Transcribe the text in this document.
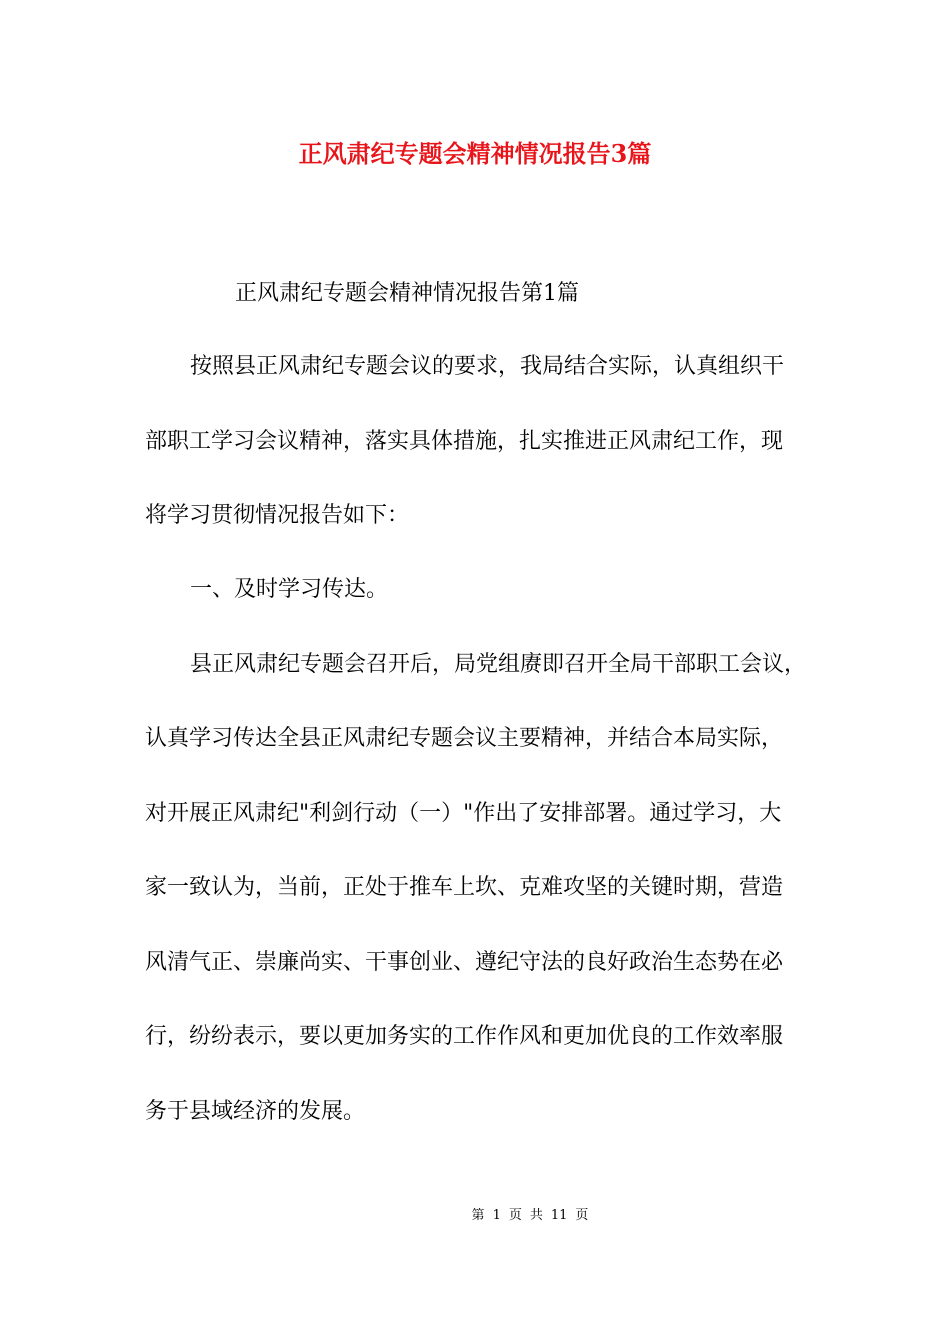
正风肃纪专题会精神情况报告3篇
正风肃纪专题会精神情况报告第1篇
按照县正风肃纪专题会议的要求，我局结合实际，认真组织干
部职工学习会议精神，落实具体措施，扎实推进正风肃纪工作，现
将学习贯彻情况报告如下：
一、及时学习传达。
县正风肃纪专题会召开后，局党组赓即召开全局干部职工会议，
认真学习传达全县正风肃纪专题会议主要精神，并结合本局实际，
对开展正风肃纪"利剑行动（一）"作出了安排部署。通过学习，大
家一致认为，当前，正处于推车上坎、克难攻坚的关键时期，营造
风清气正、崇廉尚实、干事创业、遵纪守法的良好政治生态势在必
行，纷纷表示，要以更加务实的工作作风和更加优良的工作效率服
务于县域经济的发展。
第 1 页 共 11 页
